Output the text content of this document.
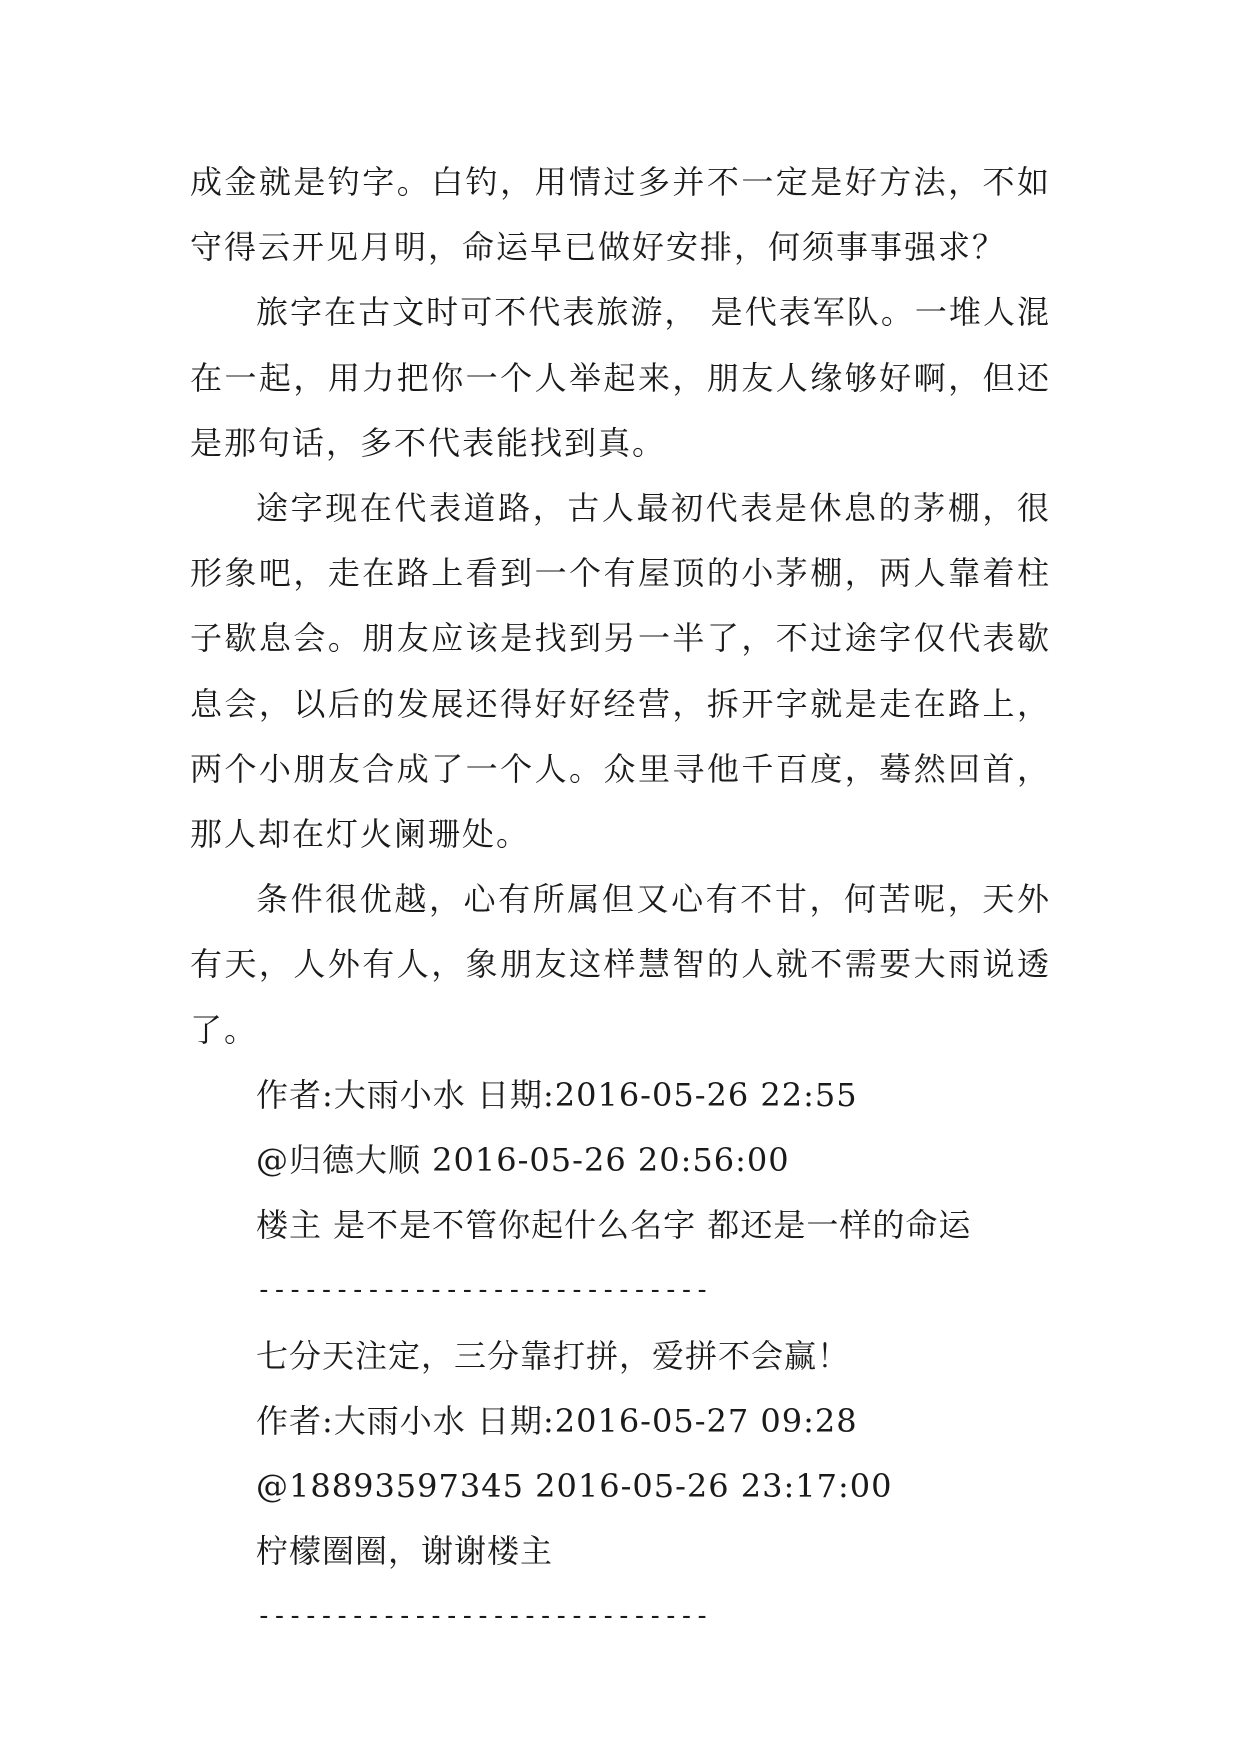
成金就是钓字。白钓，用情过多并不一定是好方法，不如守得云开见月明，命运早已做好安排，何须事事强求？

旅字在古文时可不代表旅游， 是代表军队。一堆人混在一起，用力把你一个人举起来，朋友人缘够好啊，但还是那句话，多不代表能找到真。

途字现在代表道路，古人最初代表是休息的茅棚，很形象吧，走在路上看到一个有屋顶的小茅棚，两人靠着柱子歇息会。朋友应该是找到另一半了，不过途字仅代表歇息会，以后的发展还得好好经营，拆开字就是走在路上，两个小朋友合成了一个人。众里寻他千百度，蓦然回首，那人却在灯火阑珊处。

条件很优越，心有所属但又心有不甘，何苦呢，天外有天，人外有人，象朋友这样慧智的人就不需要大雨说透了。

作者:大雨小水 日期:2016-05-26 22:55

@归德大顺 2016-05-26 20:56:00

楼主 是不是不管你起什么名字 都还是一样的命运

-----------------------------

七分天注定，三分靠打拼，爱拼不会赢！

作者:大雨小水 日期:2016-05-27 09:28

@18893597345 2016-05-26 23:17:00

柠檬圈圈，谢谢楼主

-----------------------------
